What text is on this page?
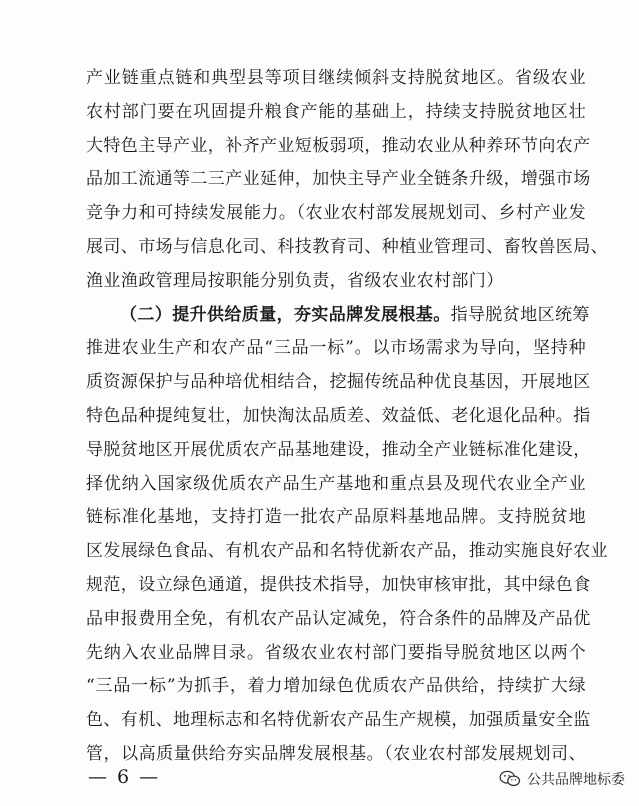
产业链重点链和典型县等项目继续倾斜支持脱贫地区。省级农业
农村部门要在巩固提升粮食产能的基础上，持续支持脱贫地区壮
大特色主导产业，补齐产业短板弱项，推动农业从种养环节向农产
品加工流通等二三产业延伸，加快主导产业全链条升级，增强市场
竞争力和可持续发展能力。（农业农村部发展规划司、乡村产业发
展司、市场与信息化司、科技教育司、种植业管理司、畜牧兽医局、
渔业渔政管理局按职能分别负责，省级农业农村部门）
（二）提升供给质量，夯实品牌发展根基。指导脱贫地区统筹
推进农业生产和农产品“三品一标”。以市场需求为导向，坚持种
质资源保护与品种培优相结合，挖掘传统品种优良基因，开展地区
特色品种提纯复壮，加快淘汰品质差、效益低、老化退化品种。指
导脱贫地区开展优质农产品基地建设，推动全产业链标准化建设，
择优纳入国家级优质农产品生产基地和重点县及现代农业全产业
链标准化基地，支持打造一批农产品原料基地品牌。支持脱贫地
区发展绿色食品、有机农产品和名特优新农产品，推动实施良好农业
规范，设立绿色通道，提供技术指导，加快审核审批，其中绿色食
品申报费用全免，有机农产品认定减免，符合条件的品牌及产品优
先纳入农业品牌目录。省级农业农村部门要指导脱贫地区以两个
“三品一标”为抓手，着力增加绿色优质农产品供给，持续扩大绿
色、有机、地理标志和名特优新农产品生产规模，加强质量安全监
管，以高质量供给夯实品牌发展根基。（农业农村部发展规划司、
— 6 —	公共品牌地标委
